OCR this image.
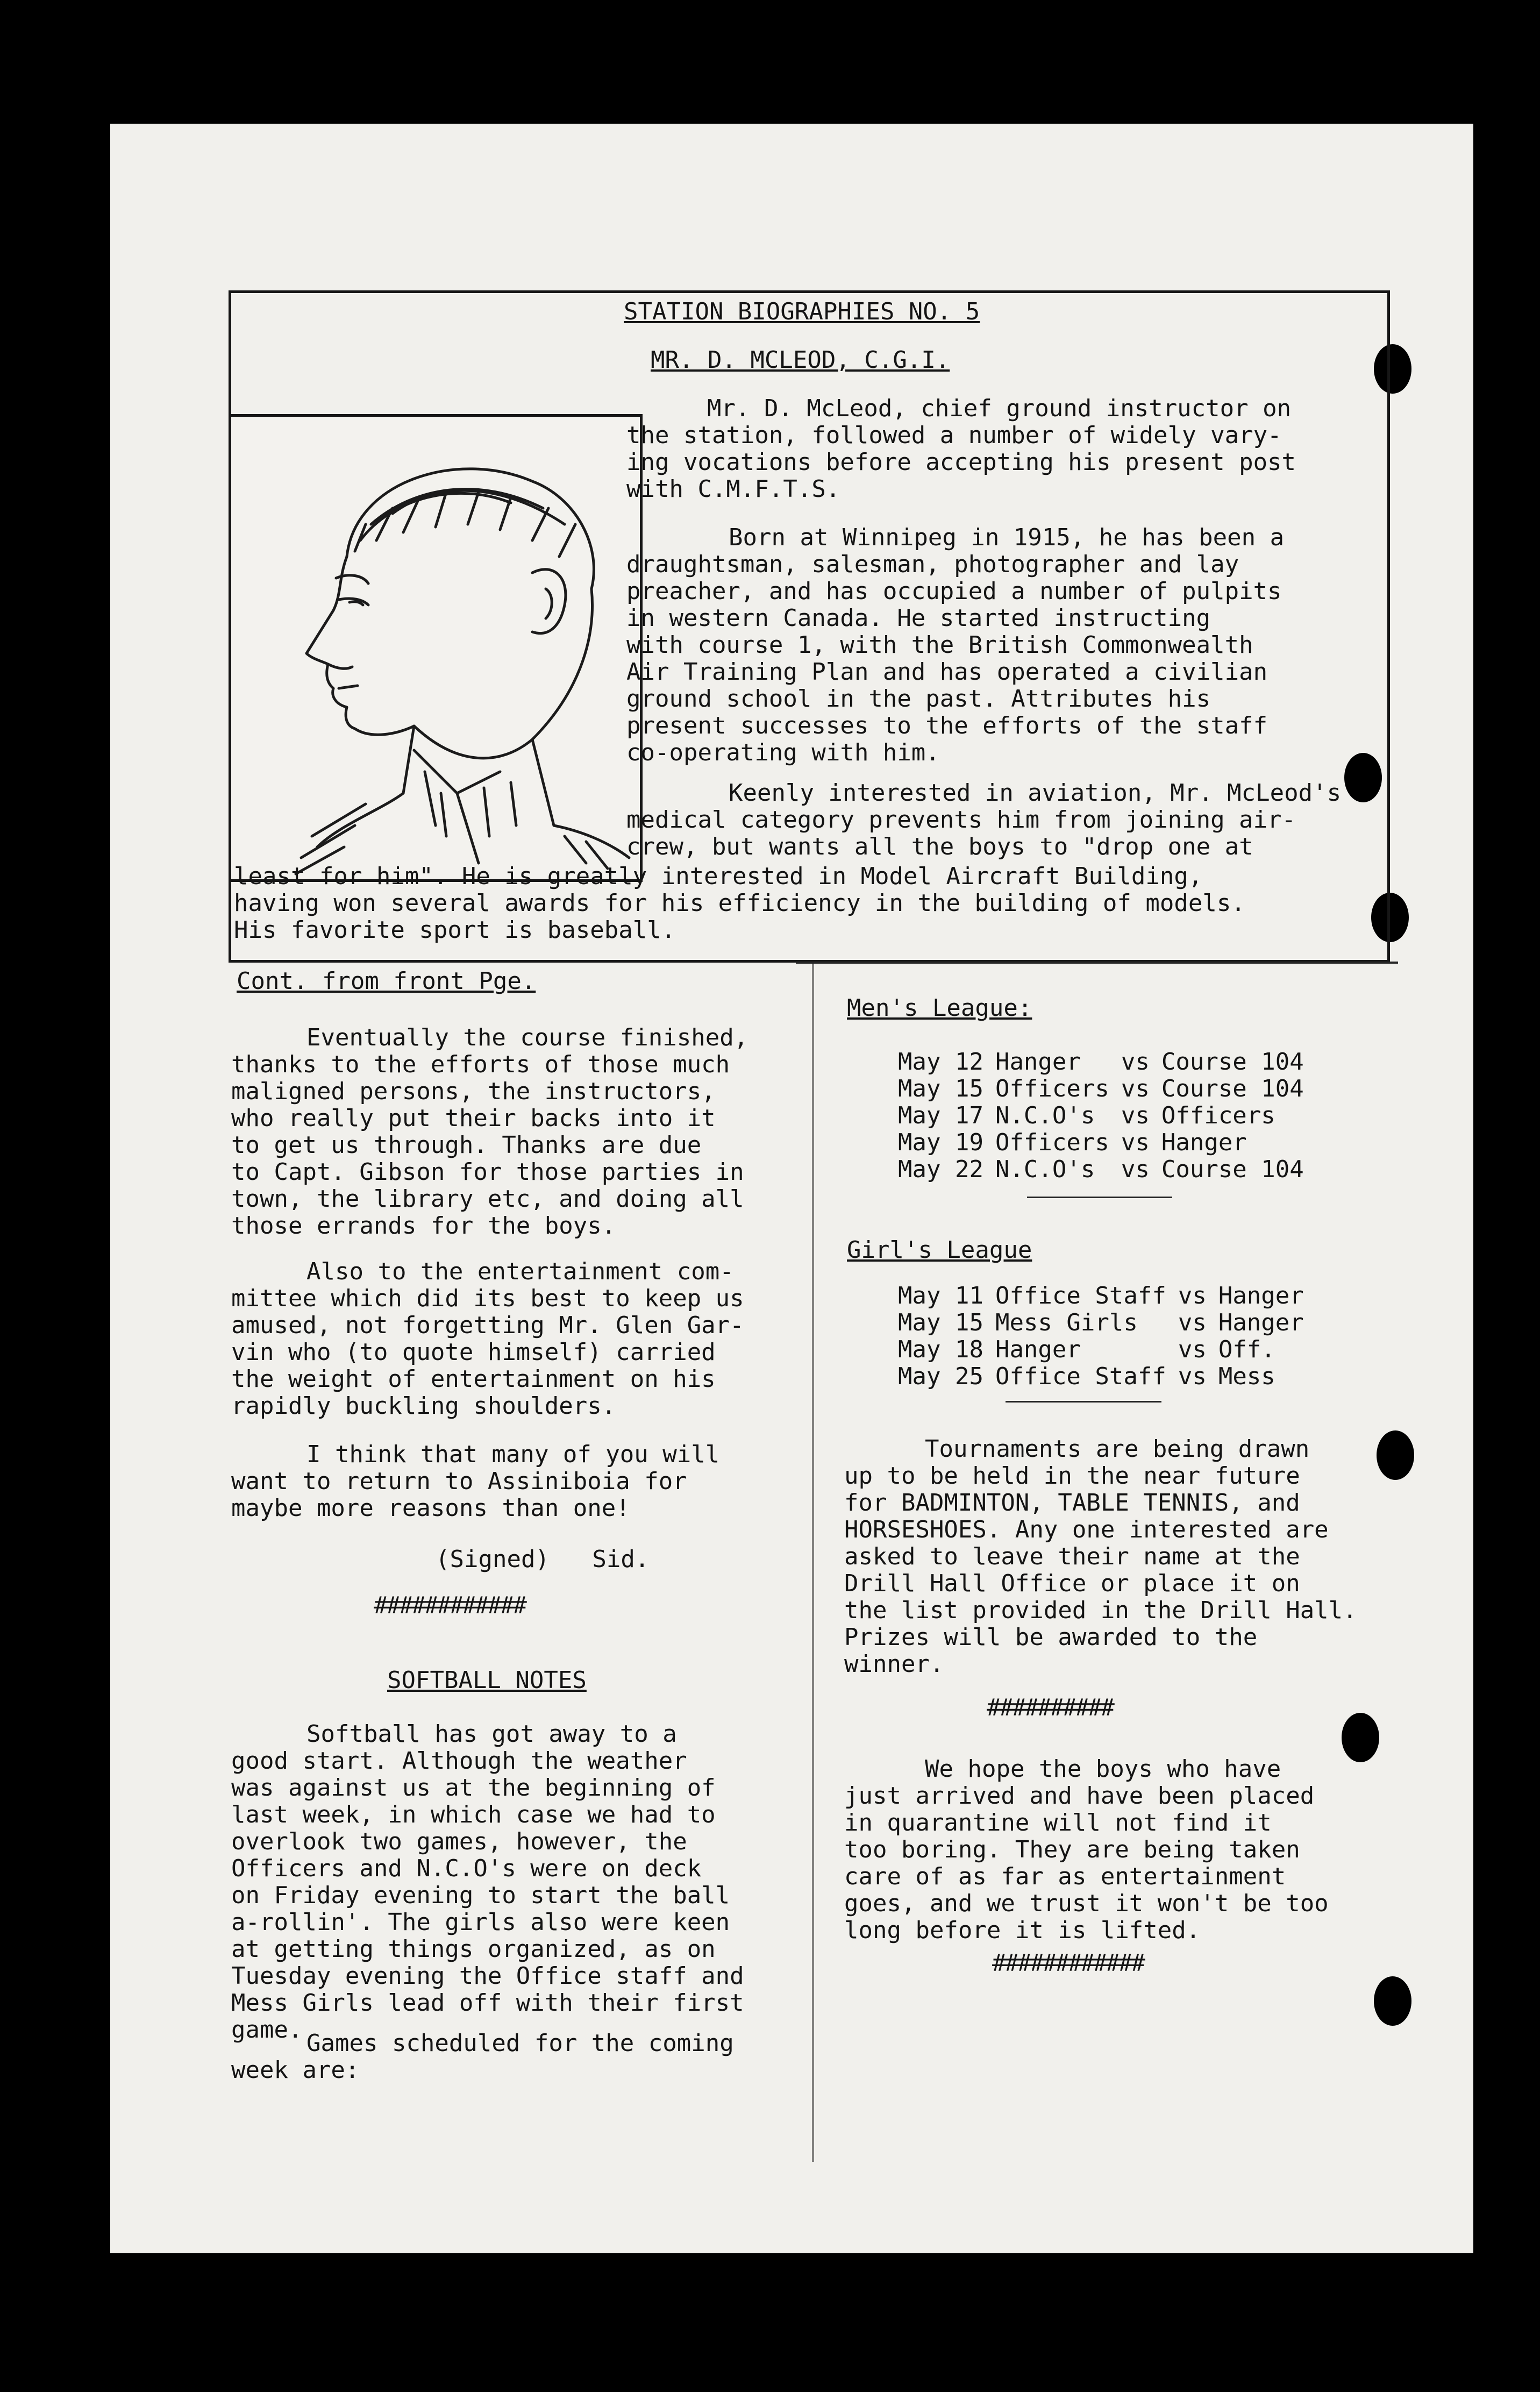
STATION BIOGRAPHIES NO. 5
MR. D. MCLEOD, C.G.I.

Mr. D. McLeod, chief ground instructor on
the station, followed a number of widely vary-
ing vocations before accepting his present post
with C.M.F.T.S.

Born at Winnipeg in 1915, he has been a
draughtsman, salesman, photographer and lay
preacher, and has occupied a number of pulpits
in western Canada. He started instructing
with course 1, with the British Commonwealth
Air Training Plan and has operated a civilian
ground school in the past. Attributes his
present successes to the efforts of the staff
co-operating with him.

Keenly interested in aviation, Mr. McLeod's
medical category prevents him from joining air-
crew, but wants all the boys to "drop one at

least for him". He is greatly interested in Model Aircraft Building,
having won several awards for his efficiency in the building of models.
His favorite sport is baseball.

Cont. from front Pge.

Eventually the course finished,
thanks to the efforts of those much
maligned persons, the instructors,
who really put their backs into it
to get us through. Thanks are due
to Capt. Gibson for those parties in
town, the library etc, and doing all
those errands for the boys.

Also to the entertainment com-
mittee which did its best to keep us
amused, not forgetting Mr. Glen Gar-
vin who (to quote himself) carried
the weight of entertainment on his
rapidly buckling shoulders.

I think that many of you will
want to return to Assiniboia for
maybe more reasons than one!

(Signed)   Sid.
############
SOFTBALL NOTES

Softball has got away to a
good start. Although the weather
was against us at the beginning of
last week, in which case we had to
overlook two games, however, the
Officers and N.C.O's were on deck
on Friday evening to start the ball
a-rollin'. The girls also were keen
at getting things organized, as on
Tuesday evening the Office staff and
Mess Girls lead off with their first
game. Games scheduled for the coming
week are:

Men's League:
May 12	Hanger	vs	Course 104
May 15	Officers	vs	Course 104
May 17	N.C.O's	vs	Officers
May 19	Officers	vs	Hanger
May 22	N.C.O's	vs	Course 104
Girl's League
May 11	Office Staff	vs	Hanger
May 15	Mess Girls	vs	Hanger
May 18	Hanger	vs	Off.
May 25	Office Staff	vs	Mess

Tournaments are being drawn
up to be held in the near future
for BADMINTON, TABLE TENNIS, and
HORSESHOES. Any one interested are
asked to leave their name at the
Drill Hall Office or place it on
the list provided in the Drill Hall.
Prizes will be awarded to the
winner.

##########

We hope the boys who have
just arrived and have been placed
in quarantine will not find it
too boring. They are being taken
care of as far as entertainment
goes, and we trust it won't be too
long before it is lifted.

############
